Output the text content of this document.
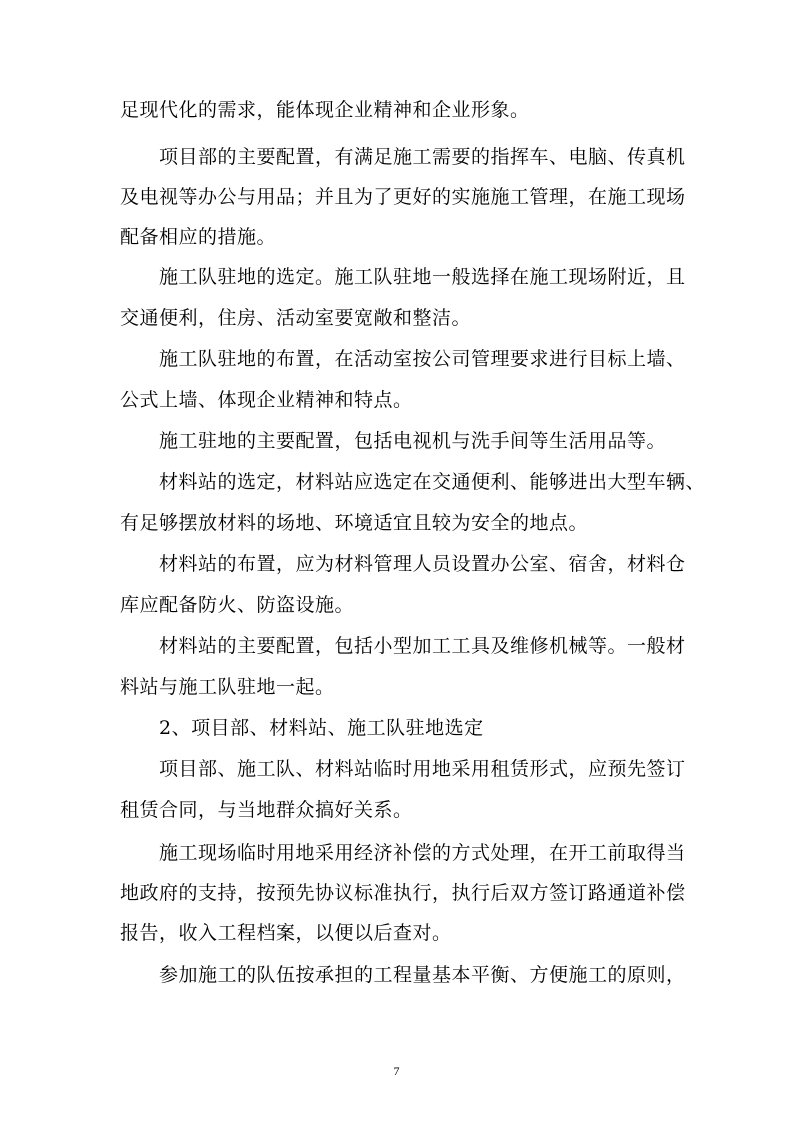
足现代化的需求，能体现企业精神和企业形象。
项目部的主要配置，有满足施工需要的指挥车、电脑、传真机
及电视等办公与用品；并且为了更好的实施施工管理，在施工现场
配备相应的措施。
施工队驻地的选定。施工队驻地一般选择在施工现场附近，且
交通便利，住房、活动室要宽敞和整洁。
施工队驻地的布置，在活动室按公司管理要求进行目标上墙、
公式上墙、体现企业精神和特点。
施工驻地的主要配置，包括电视机与洗手间等生活用品等。
材料站的选定，材料站应选定在交通便利、能够进出大型车辆、
有足够摆放材料的场地、环境适宜且较为安全的地点。
材料站的布置，应为材料管理人员设置办公室、宿舍，材料仓
库应配备防火、防盗设施。
材料站的主要配置，包括小型加工工具及维修机械等。一般材
料站与施工队驻地一起。
2、项目部、材料站、施工队驻地选定
项目部、施工队、材料站临时用地采用租赁形式，应预先签订
租赁合同，与当地群众搞好关系。
施工现场临时用地采用经济补偿的方式处理，在开工前取得当
地政府的支持，按预先协议标准执行，执行后双方签订路通道补偿
报告，收入工程档案，以便以后查对。
参加施工的队伍按承担的工程量基本平衡、方便施工的原则，
7
